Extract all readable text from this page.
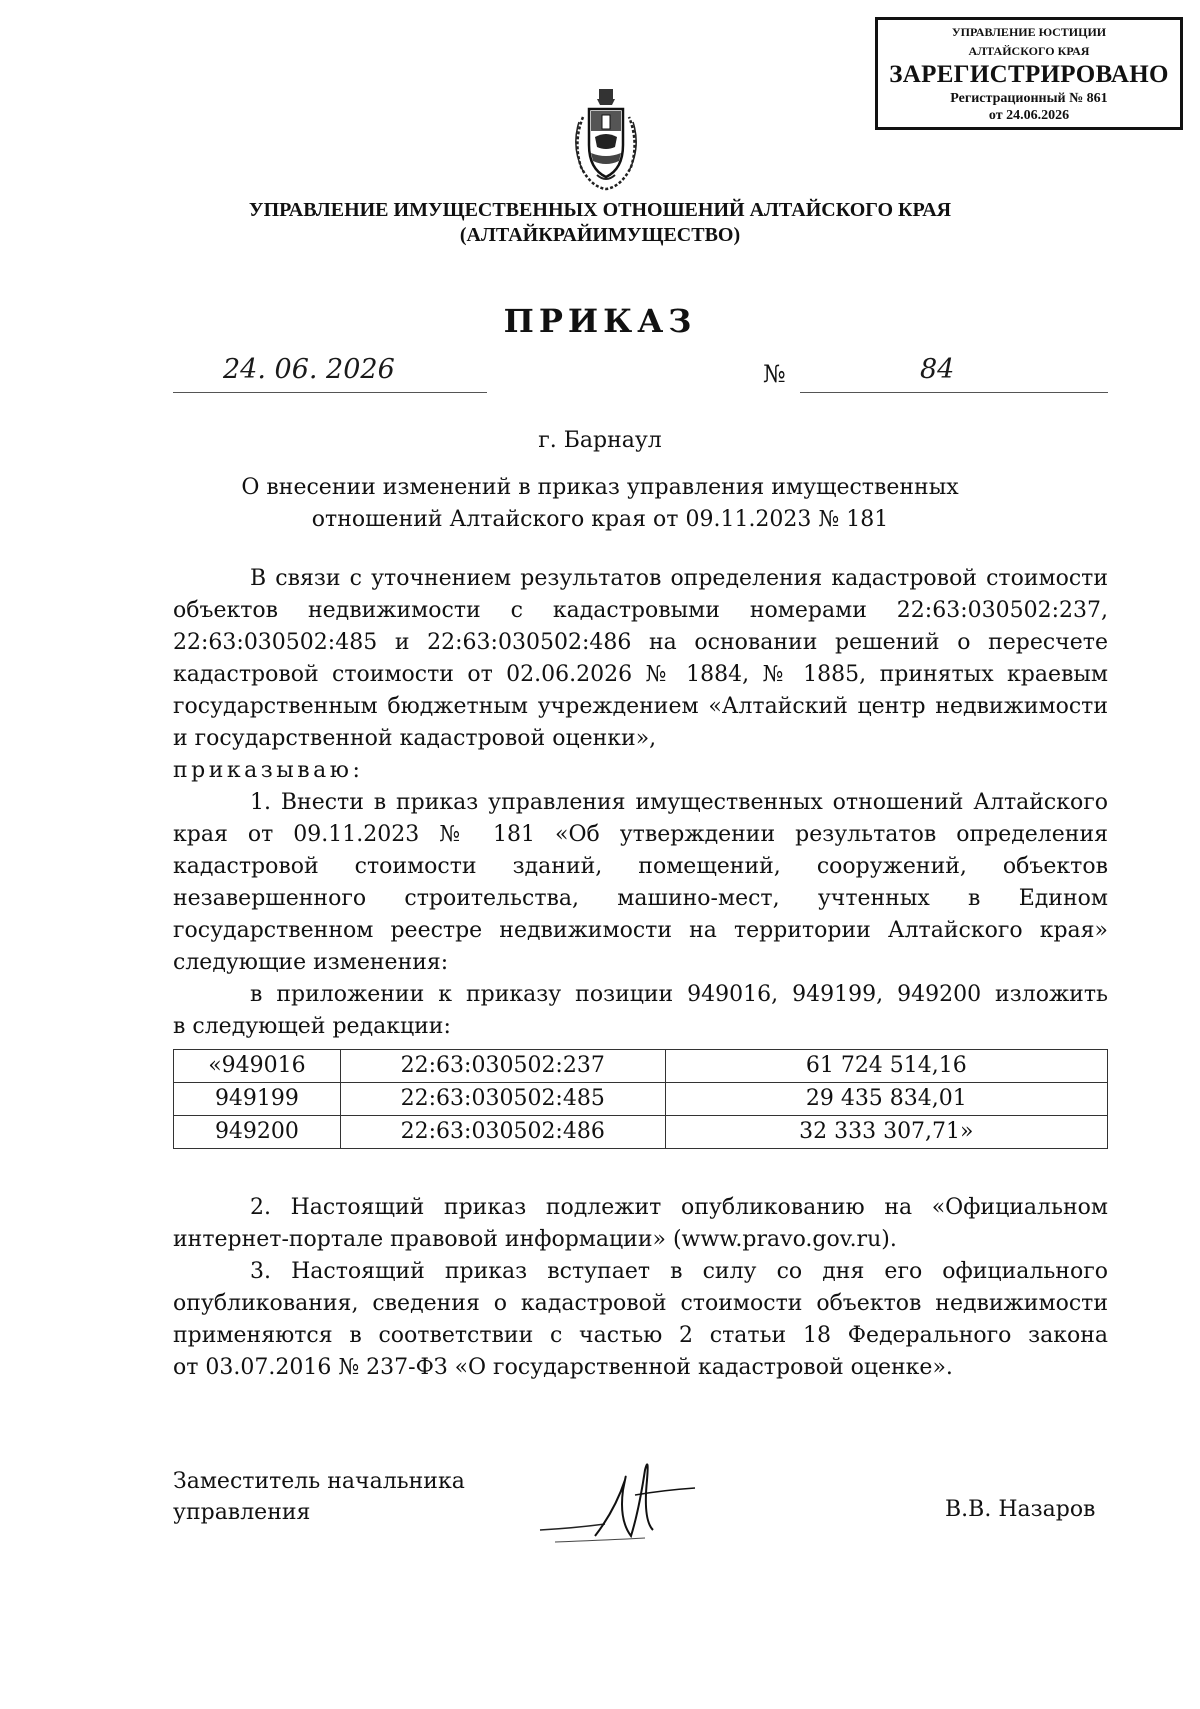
УПРАВЛЕНИЕ ЮСТИЦИИ
АЛТАЙСКОГО КРАЯ
ЗАРЕГИСТРИРОВАНО
Регистрационный № 861
от 24.06.2026
УПРАВЛЕНИЕ ИМУЩЕСТВЕННЫХ ОТНОШЕНИЙ АЛТАЙСКОГО КРАЯ
(АЛТАЙКРАЙИМУЩЕСТВО)
ПРИКАЗ
24. 06. 2026	№	84
г. Барнаул
О внесении изменений в приказ управления имущественных
отношений Алтайского края от 09.11.2023 № 181
В связи с уточнением результатов определения кадастровой стоимости
объектов недвижимости с кадастровыми номерами 22:63:030502:237,
22:63:030502:485 и 22:63:030502:486 на основании решений о пересчете
кадастровой стоимости от 02.06.2026 № 1884, № 1885, принятых краевым
государственным бюджетным учреждением «Алтайский центр недвижимости
и государственной кадастровой оценки»,
приказываю:
1. Внести в приказ управления имущественных отношений Алтайского
края от 09.11.2023 № 181 «Об утверждении результатов определения
кадастровой стоимости зданий, помещений, сооружений, объектов
незавершенного строительства, машино-мест, учтенных в Едином
государственном реестре недвижимости на территории Алтайского края»
следующие изменения:
в приложении к приказу позиции 949016, 949199, 949200 изложить
в следующей редакции:
«949016	22:63:030502:237	61 724 514,16
949199	22:63:030502:485	29 435 834,01
949200	22:63:030502:486	32 333 307,71»
2. Настоящий приказ подлежит опубликованию на «Официальном
интернет-портале правовой информации» (www.pravo.gov.ru).
3. Настоящий приказ вступает в силу со дня его официального
опубликования, сведения о кадастровой стоимости объектов недвижимости
применяются в соответствии с частью 2 статьи 18 Федерального закона
от 03.07.2016 № 237-ФЗ «О государственной кадастровой оценке».
Заместитель начальника
управления	В.В. Назаров
